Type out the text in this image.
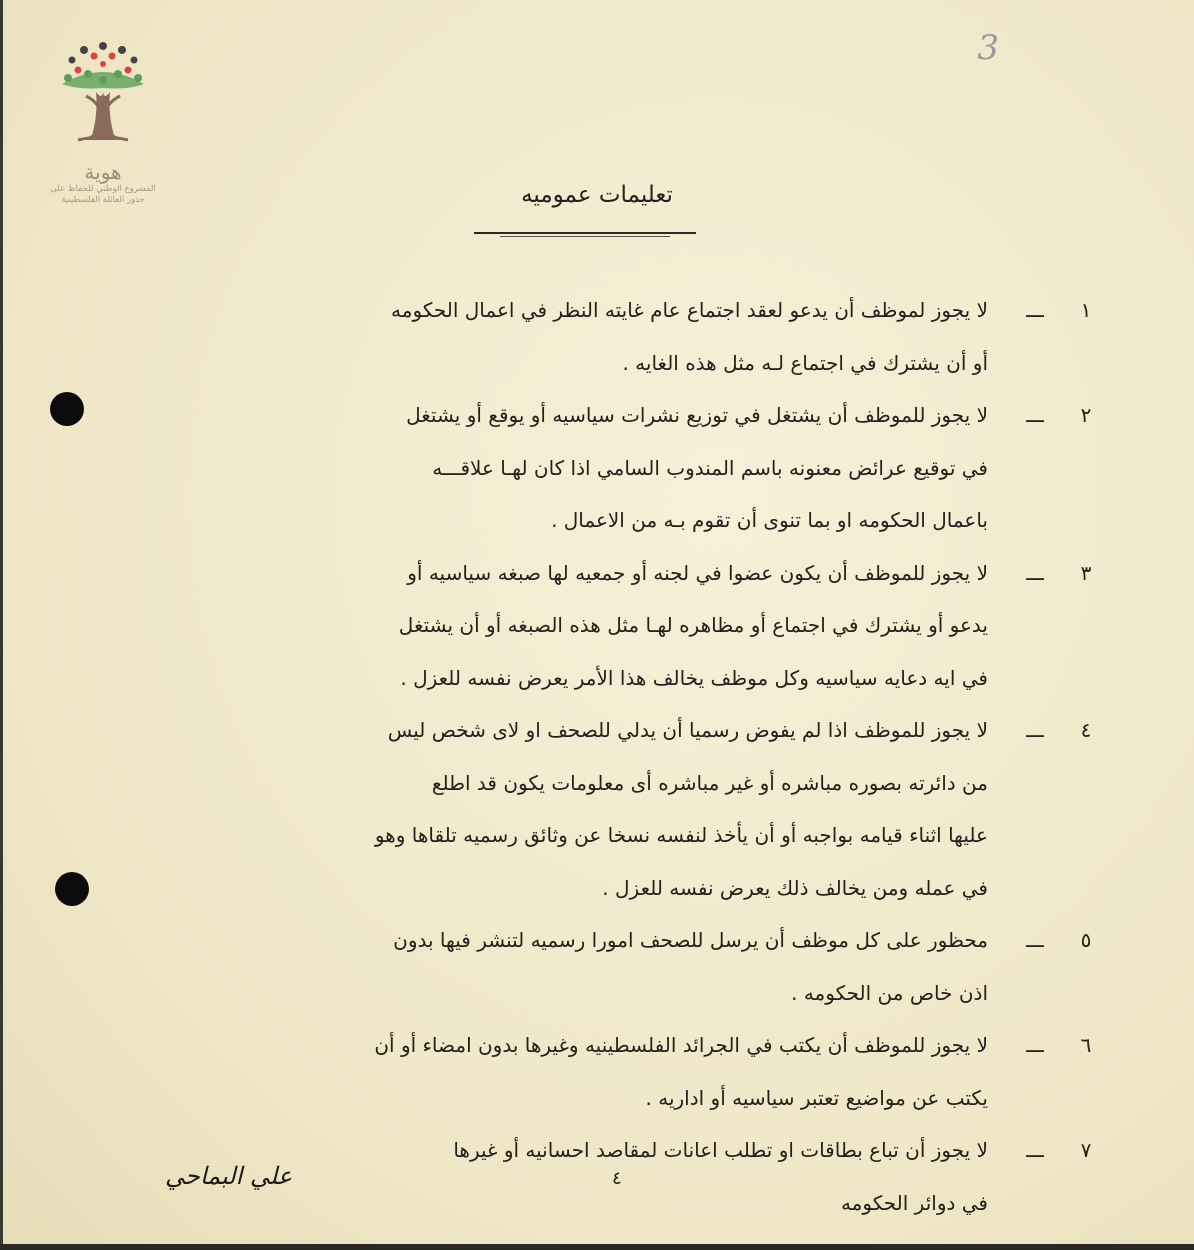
هوية
المشروع الوطني للحفاظ على
جذور العائلة الفلسطينية
3
تعليمات عموميه
١
ـــ
لا يجوز لموظف أن يدعو لعقد اجتماع عام غايته النظر في اعمال الحكومه
أو أن يشترك في اجتماع لـه مثل هذه الغايه .
٢
ـــ
لا يجوز للموظف أن يشتغل في توزيع نشرات سياسيه أو يوقع أو يشتغل
في توقيع عرائض معنونه باسم المندوب السامي اذا كان لهـا علاقـــه
باعمال الحكومه او بما تنوى أن تقوم بـه من الاعمال .
٣
ـــ
لا يجوز للموظف أن يكون عضوا في لجنه أو جمعيه لها صبغه سياسيه أو
يدعو أو يشترك في اجتماع أو مظاهره لهـا مثل هذه الصبغه أو أن يشتغل
في ايه دعايه سياسيه وكل موظف يخالف هذا الأمر يعرض نفسه للعزل .
٤
ـــ
لا يجوز للموظف اذا لم يفوض رسميا أن يدلي للصحف او لاى شخص ليس
من دائرته بصوره مباشره أو غير مباشره أى معلومات يكون قد اطلع
عليها اثناء قيامه بواجبه أو أن يأخذ لنفسه نسخا عن وثائق رسميه تلقاها وهو
في عمله ومن يخالف ذلك يعرض نفسه للعزل .
٥
ـــ
محظور على كل موظف أن يرسل للصحف امورا رسميه لتنشر فيها بدون
اذن خاص من الحكومه .
٦
ـــ
لا يجوز للموظف أن يكتب في الجرائد الفلسطينيه وغيرها بدون امضاء أو أن
يكتب عن مواضيع تعتبر سياسيه أو اداريه .
٧
ـــ
لا يجوز أن تباع بطاقات او تطلب اعانات لمقاصد احسانيه أو غيرها
في دوائر الحكومه
٤
علي البماحي
